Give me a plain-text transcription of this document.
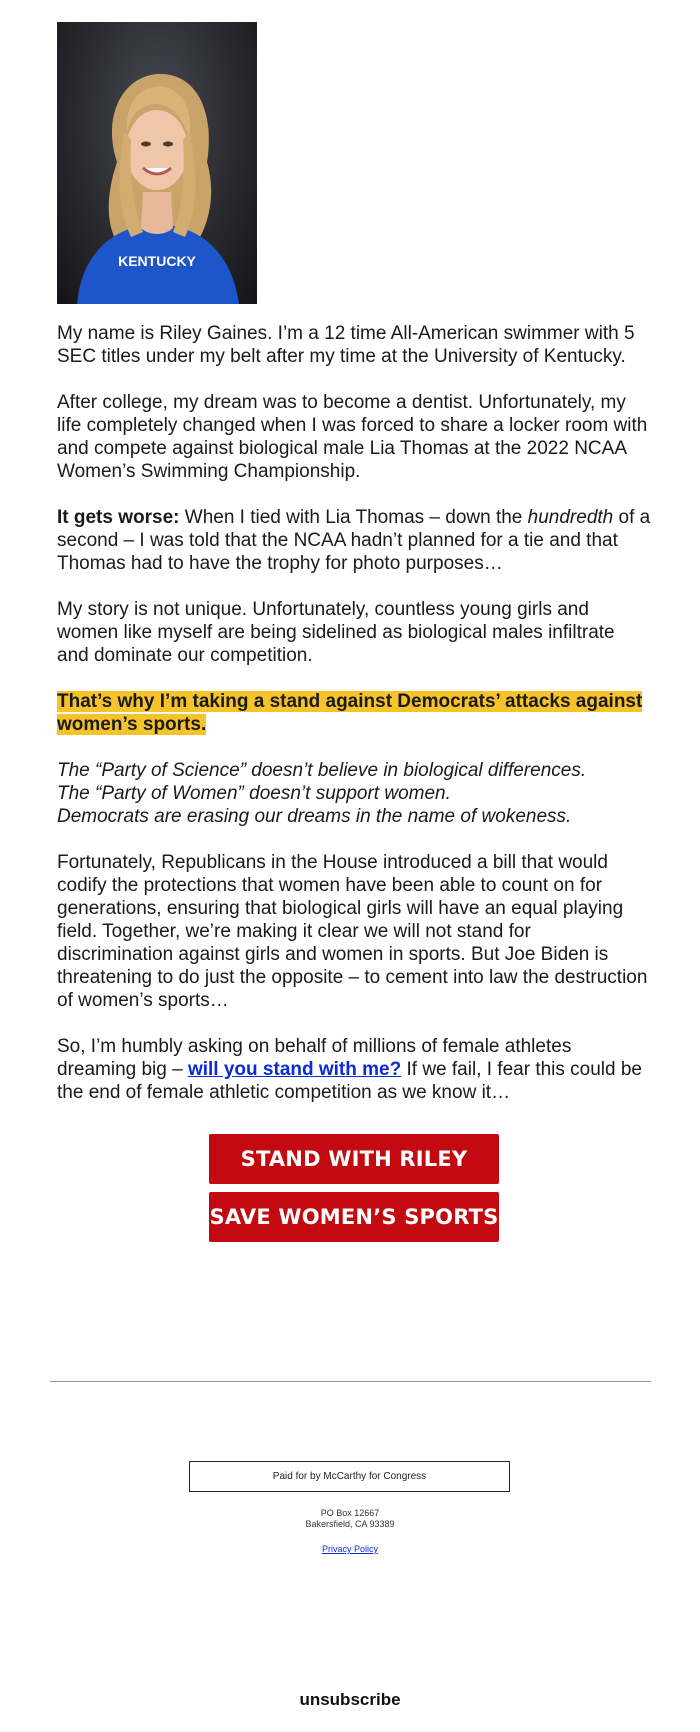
KENTUCKY

My name is Riley Gaines. I’m a 12 time All-American swimmer with 5 SEC titles under my belt after my time at the University of Kentucky.

After college, my dream was to become a dentist. Unfortunately, my life completely changed when I was forced to share a locker room with and compete against biological male Lia Thomas at the 2022 NCAA Women’s Swimming Championship.

It gets worse: When I tied with Lia Thomas – down the hundredth of a second – I was told that the NCAA hadn’t planned for a tie and that Thomas had to have the trophy for photo purposes…

My story is not unique. Unfortunately, countless young girls and women like myself are being sidelined as biological males infiltrate and dominate our competition.

That’s why I’m taking a stand against Democrats’ attacks against women’s sports.

The “Party of Science” doesn’t believe in biological differences.
The “Party of Women” doesn’t support women.
Democrats are erasing our dreams in the name of wokeness.

Fortunately, Republicans in the House introduced a bill that would codify the protections that women have been able to count on for generations, ensuring that biological girls will have an equal playing field. Together, we’re making it clear we will not stand for discrimination against girls and women in sports. But Joe Biden is threatening to do just the opposite – to cement into law the destruction of women’s sports…

So, I’m humbly asking on behalf of millions of female athletes dreaming big – will you stand with me? If we fail, I fear this could be the end of female athletic competition as we know it…

STAND WITH RILEY
SAVE WOMEN’S SPORTS
Paid for by McCarthy for Congress
PO Box 12667
Bakersfield, CA 93389
Privacy Policy
unsubscribe
